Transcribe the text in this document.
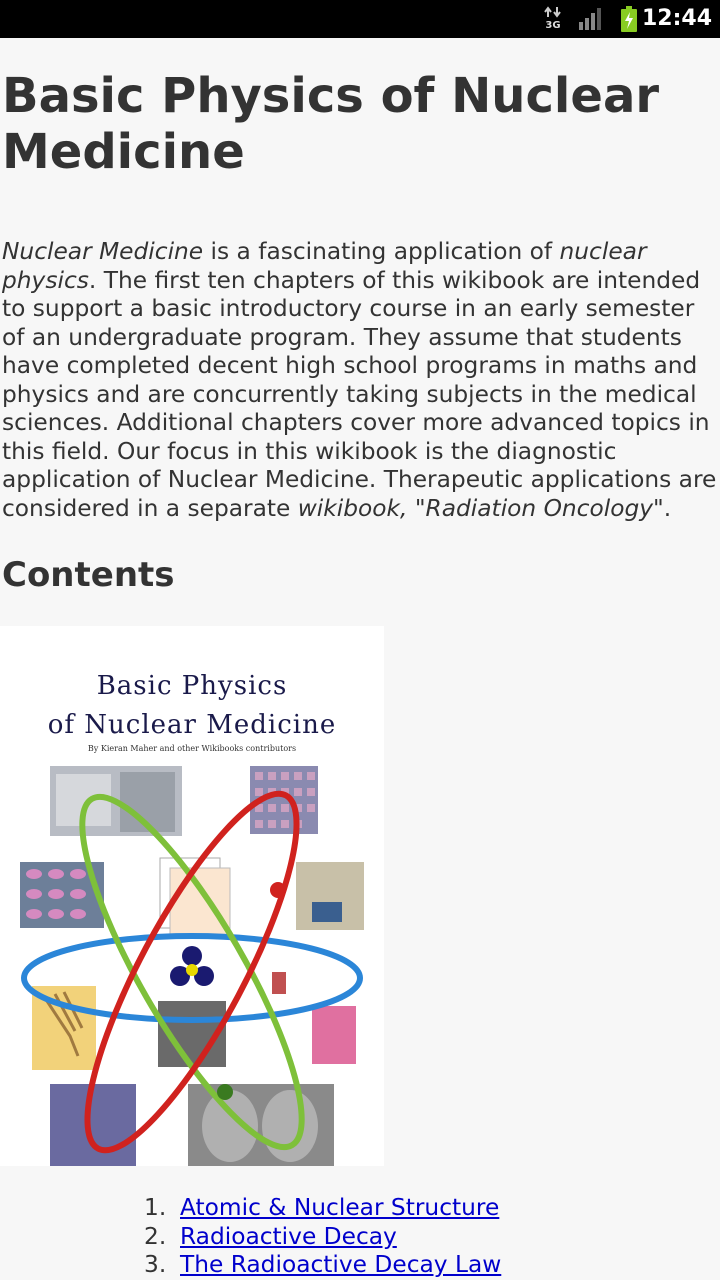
3G	12:44
Basic Physics of Nuclear Medicine

Nuclear Medicine is a fascinating application of nuclear physics. The first ten chapters of this wikibook are intended to support a basic introductory course in an early semester of an undergraduate program. They assume that students have completed decent high school programs in maths and physics and are concurrently taking subjects in the medical sciences. Additional chapters cover more advanced topics in this field. Our focus in this wikibook is the diagnostic application of Nuclear Medicine. Therapeutic applications are considered in a separate wikibook, "Radiation Oncology".

Contents
Basic Physics
of Nuclear Medicine
By Kieran Maher and other Wikibooks contributors
1. Atomic & Nuclear Structure
2. Radioactive Decay
3. The Radioactive Decay Law
